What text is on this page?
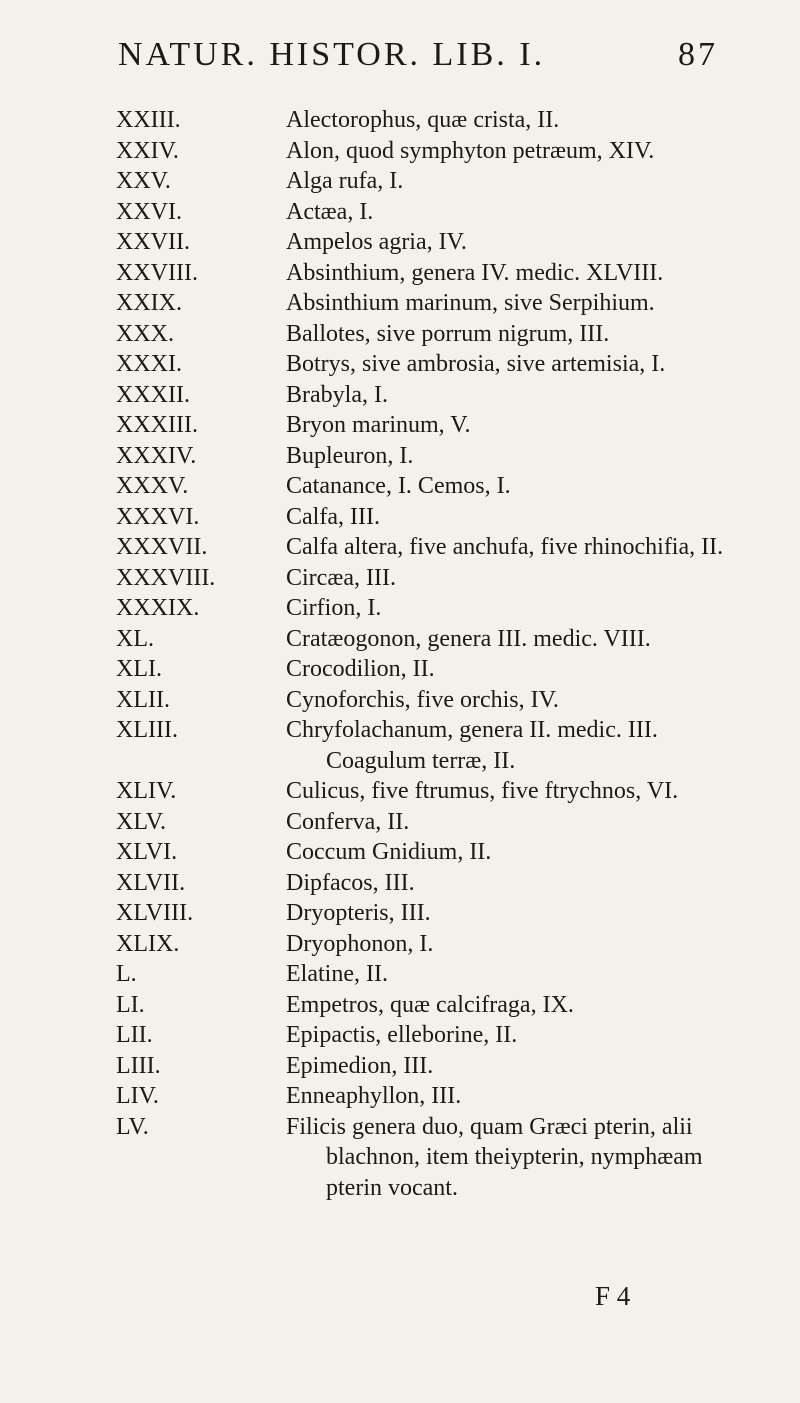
NATUR. HISTOR. LIB. I.	87
XXIII.	Alectorophus, quæ crista, II.
XXIV.	Alon, quod symphyton petræum, XIV.
XXV.	Alga rufa, I.
XXVI.	Actæa, I.
XXVII.	Ampelos agria, IV.
XXVIII.	Absinthium, genera IV. medic. XLVIII.
XXIX.	Absinthium marinum, sive Serpihium.
XXX.	Ballotes, sive porrum nigrum, III.
XXXI.	Botrys, sive ambrosia, sive artemisia, I.
XXXII.	Brabyla, I.
XXXIII.	Bryon marinum, V.
XXXIV.	Bupleuron, I.
XXXV.	Catanance, I. Cemos, I.
XXXVI.	Calfa, III.
XXXVII.	Calfa altera, five anchufa, five rhinochifia, II.
XXXVIII.	Circæa, III.
XXXIX.	Cirfion, I.
XL.	Cratæogonon, genera III. medic. VIII.
XLI.	Crocodilion, II.
XLII.	Cynoforchis, five orchis, IV.
XLIII.	Chryfolachanum, genera II. medic. III. Coagulum terræ, II.
XLIV.	Culicus, five ftrumus, five ftrychnos, VI.
XLV.	Conferva, II.
XLVI.	Coccum Gnidium, II.
XLVII.	Dipfacos, III.
XLVIII.	Dryopteris, III.
XLIX.	Dryophonon, I.
L.	Elatine, II.
LI.	Empetros, quæ calcifraga, IX.
LII.	Epipactis, elleborine, II.
LIII.	Epimedion, III.
LIV.	Enneaphyllon, III.
LV.	Filicis genera duo, quam Græci pterin, alii blachnon, item theiypterin, nymphæam pterin vocant.
F 4
